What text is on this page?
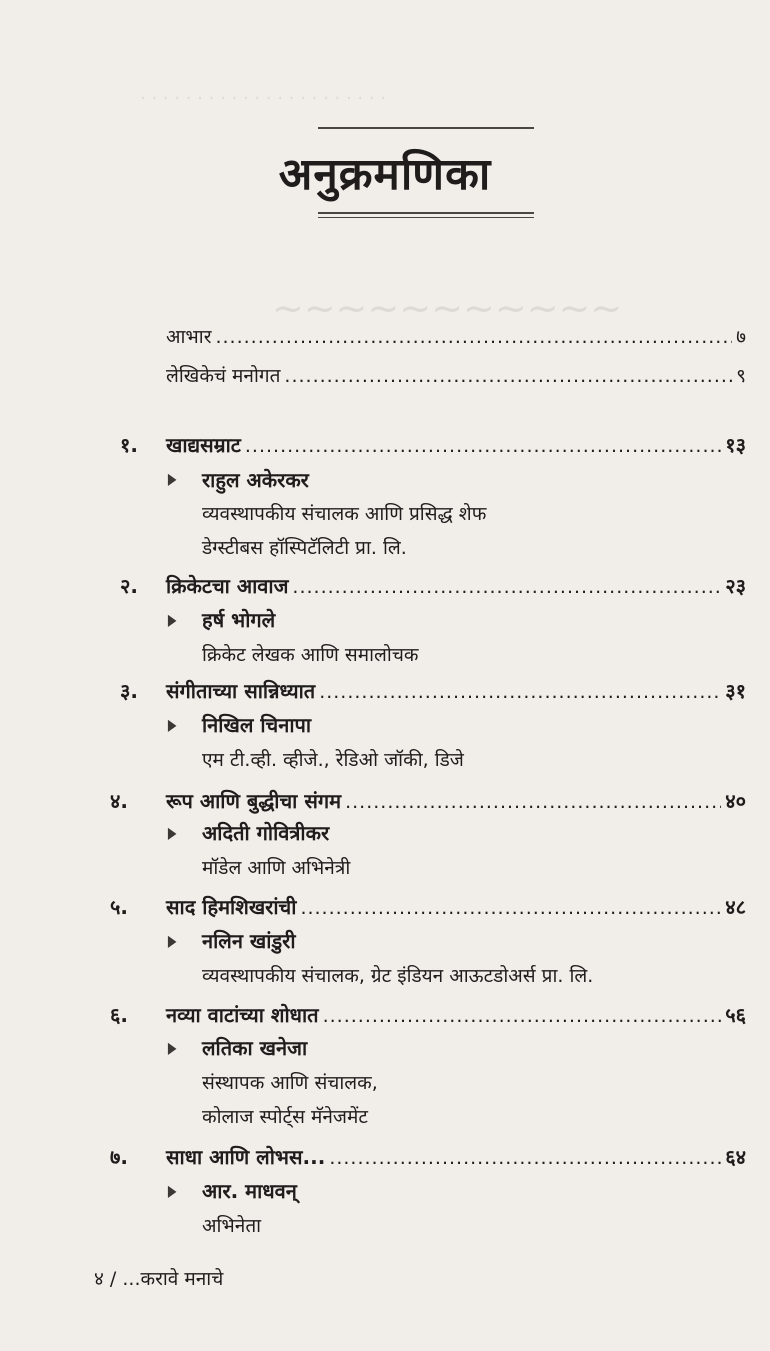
· · · · · · · · · · · · · · · · · · · · · ·
~~~~~~~~~~~
अनुक्रमणिका
आभार .....	७
लेखिकेचं मनोगत .....	९
१. खाद्यसम्राट .....	१३
▶ राहुल अकेरकर
व्यवस्थापकीय संचालक आणि प्रसिद्ध शेफ
डेग्स्टीबस हॉस्पिटॅलिटी प्रा. लि.
२. क्रिकेटचा आवाज .....	२३
▶ हर्ष भोगले
क्रिकेट लेखक आणि समालोचक
३. संगीताच्या सान्निध्यात .....	३१
▶ निखिल चिनापा
एम टी.व्ही. व्हीजे., रेडिओ जॉकी, डिजे
४. रूप आणि बुद्धीचा संगम .....	४०
▶ अदिती गोवित्रीकर
मॉडेल आणि अभिनेत्री
५. साद हिमशिखरांची .....	४८
▶ नलिन खांडुरी
व्यवस्थापकीय संचालक, ग्रेट इंडियन आऊटडोअर्स प्रा. लि.
६. नव्या वाटांच्या शोधात .....	५६
▶ लतिका खनेजा
संस्थापक आणि संचालक,
कोलाज स्पोर्ट्स मॅनेजमेंट
७. साधा आणि लोभस... .....	६४
▶ आर. माधवन्
अभिनेता
४ / ...करावे मनाचे
